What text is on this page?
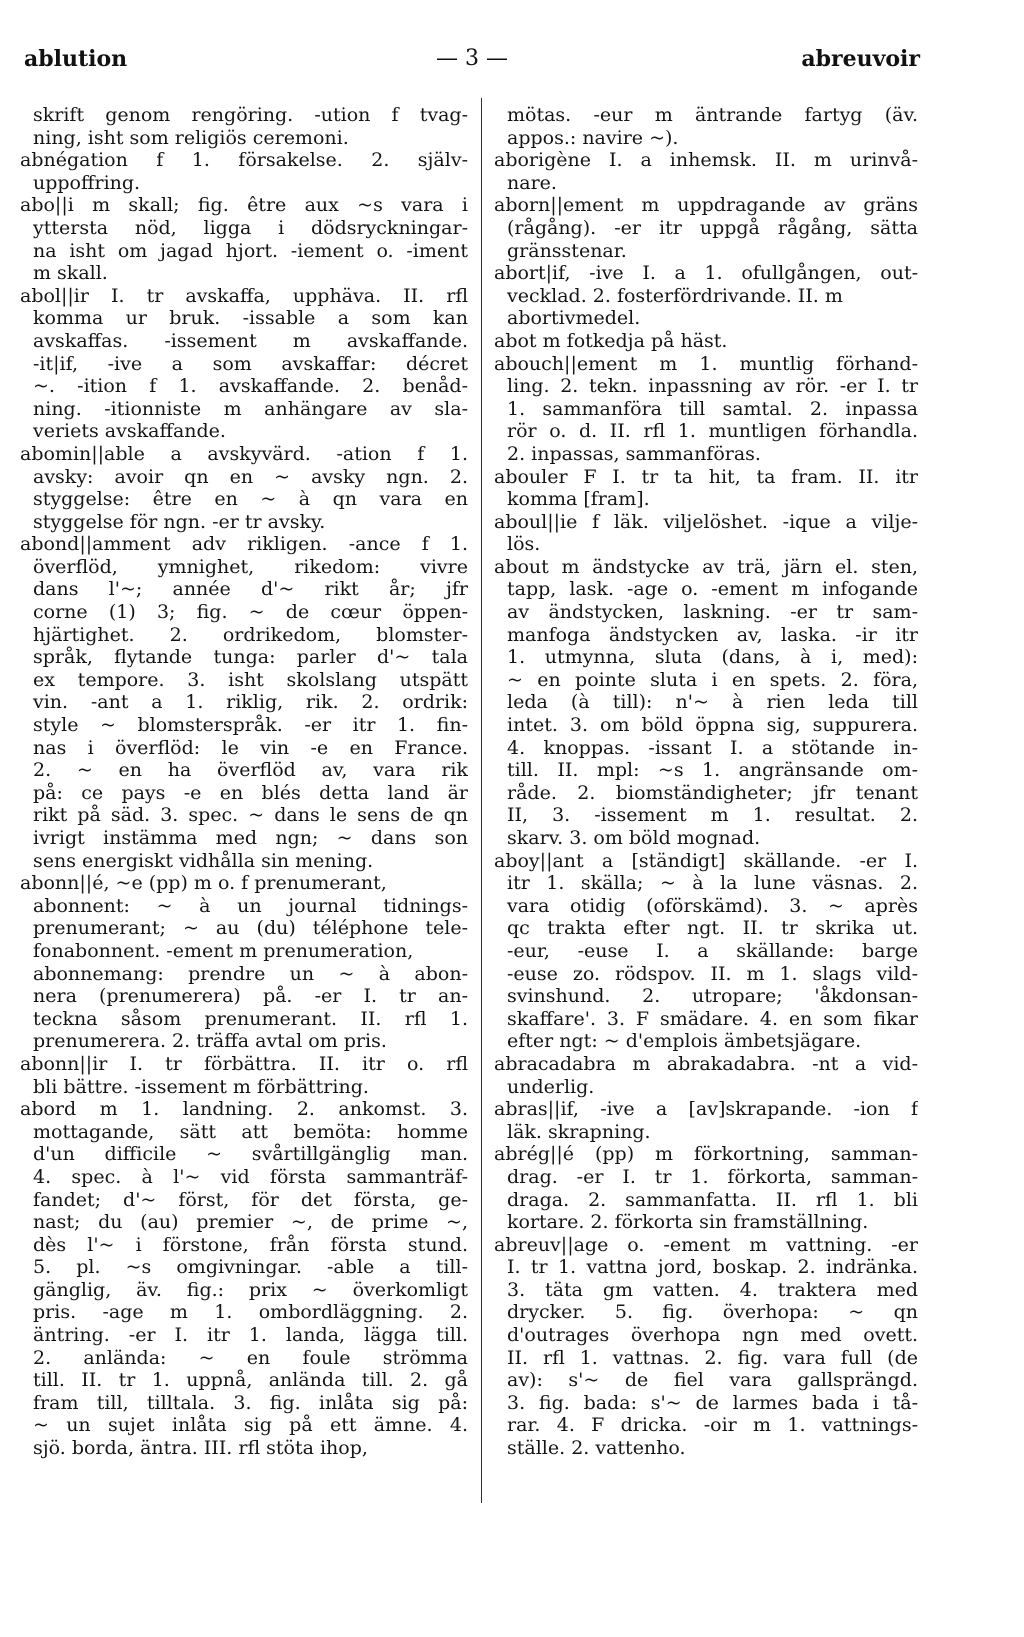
ablution	— 3 —	abreuvoir
skrift genom rengöring. -ution f tvag-
ning, isht som religiös ceremoni.
abnégation f 1. försakelse. 2. själv-
uppoffring.
abo||i m skall; fig. être aux ~s vara i
yttersta nöd, ligga i dödsryckningar-
na isht om jagad hjort. -iement o. -iment
m skall.
abol||ir I. tr avskaffa, upphäva. II. rfl
komma ur bruk. -issable a som kan
avskaffas. -issement m avskaffande.
-it|if, -ive a som avskaffar: décret
~. -ition f 1. avskaffande. 2. benåd-
ning. -itionniste m anhängare av sla-
veriets avskaffande.
abomin||able a avskyvärd. -ation f 1.
avsky: avoir qn en ~ avsky ngn. 2.
styggelse: être en ~ à qn vara en
styggelse för ngn. -er tr avsky.
abond||amment adv rikligen. -ance f 1.
överflöd, ymnighet, rikedom: vivre
dans l'~; année d'~ rikt år; jfr
corne (1) 3; fig. ~ de cœur öppen-
hjärtighet. 2. ordrikedom, blomster-
språk, flytande tunga: parler d'~ tala
ex tempore. 3. isht skolslang utspätt
vin. -ant a 1. riklig, rik. 2. ordrik:
style ~ blomsterspråk. -er itr 1. fin-
nas i överflöd: le vin -e en France.
2. ~ en ha överflöd av, vara rik
på: ce pays -e en blés detta land är
rikt på säd. 3. spec. ~ dans le sens de qn
ivrigt instämma med ngn; ~ dans son
sens energiskt vidhålla sin mening.
abonn||é, ~e (pp) m o. f prenumerant,
abonnent: ~ à un journal tidnings-
prenumerant; ~ au (du) téléphone tele-
fonabonnent. -ement m prenumeration,
abonnemang: prendre un ~ à abon-
nera (prenumerera) på. -er I. tr an-
teckna såsom prenumerant. II. rfl 1.
prenumerera. 2. träffa avtal om pris.
abonn||ir I. tr förbättra. II. itr o. rfl
bli bättre. -issement m förbättring.
abord m 1. landning. 2. ankomst. 3.
mottagande, sätt att bemöta: homme
d'un difficile ~ svårtillgänglig man.
4. spec. à l'~ vid första sammanträf-
fandet; d'~ först, för det första, ge-
nast; du (au) premier ~, de prime ~,
dès l'~ i förstone, från första stund.
5. pl. ~s omgivningar. -able a till-
gänglig, äv. fig.: prix ~ överkomligt
pris. -age m 1. ombordläggning. 2.
äntring. -er I. itr 1. landa, lägga till.
2. anlända: ~ en foule strömma
till. II. tr 1. uppnå, anlända till. 2. gå
fram till, tilltala. 3. fig. inlåta sig på:
~ un sujet inlåta sig på ett ämne. 4.
sjö. borda, äntra. III. rfl stöta ihop,
mötas. -eur m äntrande fartyg (äv.
appos.: navire ~).
aborigène I. a inhemsk. II. m urinvå-
nare.
aborn||ement m uppdragande av gräns
(rågång). -er itr uppgå rågång, sätta
gränsstenar.
abort|if, -ive I. a 1. ofullgången, out-
vecklad. 2. fosterfördrivande. II. m
abortivmedel.
abot m fotkedja på häst.
abouch||ement m 1. muntlig förhand-
ling. 2. tekn. inpassning av rör. -er I. tr
1. sammanföra till samtal. 2. inpassa
rör o. d. II. rfl 1. muntligen förhandla.
2. inpassas, sammanföras.
abouler F I. tr ta hit, ta fram. II. itr
komma [fram].
aboul||ie f läk. viljelöshet. -ique a vilje-
lös.
about m ändstycke av trä, järn el. sten,
tapp, lask. -age o. -ement m infogande
av ändstycken, laskning. -er tr sam-
manfoga ändstycken av, laska. -ir itr
1. utmynna, sluta (dans, à i, med):
~ en pointe sluta i en spets. 2. föra,
leda (à till): n'~ à rien leda till
intet. 3. om böld öppna sig, suppurera.
4. knoppas. -issant I. a stötande in-
till. II. mpl: ~s 1. angränsande om-
råde. 2. biomständigheter; jfr tenant
II, 3. -issement m 1. resultat. 2.
skarv. 3. om böld mognad.
aboy||ant a [ständigt] skällande. -er I.
itr 1. skälla; ~ à la lune väsnas. 2.
vara otidig (oförskämd). 3. ~ après
qc trakta efter ngt. II. tr skrika ut.
-eur, -euse I. a skällande: barge
-euse zo. rödspov. II. m 1. slags vild-
svinshund. 2. utropare; 'åkdonsan-
skaffare'. 3. F smädare. 4. en som fikar
efter ngt: ~ d'emplois ämbetsjägare.
abracadabra m abrakadabra. -nt a vid-
underlig.
abras||if, -ive a [av]skrapande. -ion f
läk. skrapning.
abrég||é (pp) m förkortning, samman-
drag. -er I. tr 1. förkorta, samman-
draga. 2. sammanfatta. II. rfl 1. bli
kortare. 2. förkorta sin framställning.
abreuv||age o. -ement m vattning. -er
I. tr 1. vattna jord, boskap. 2. indränka.
3. täta gm vatten. 4. traktera med
drycker. 5. fig. överhopa: ~ qn
d'outrages överhopa ngn med ovett.
II. rfl 1. vattnas. 2. fig. vara full (de
av): s'~ de fiel vara gallsprängd.
3. fig. bada: s'~ de larmes bada i tå-
rar. 4. F dricka. -oir m 1. vattnings-
ställe. 2. vattenho.
